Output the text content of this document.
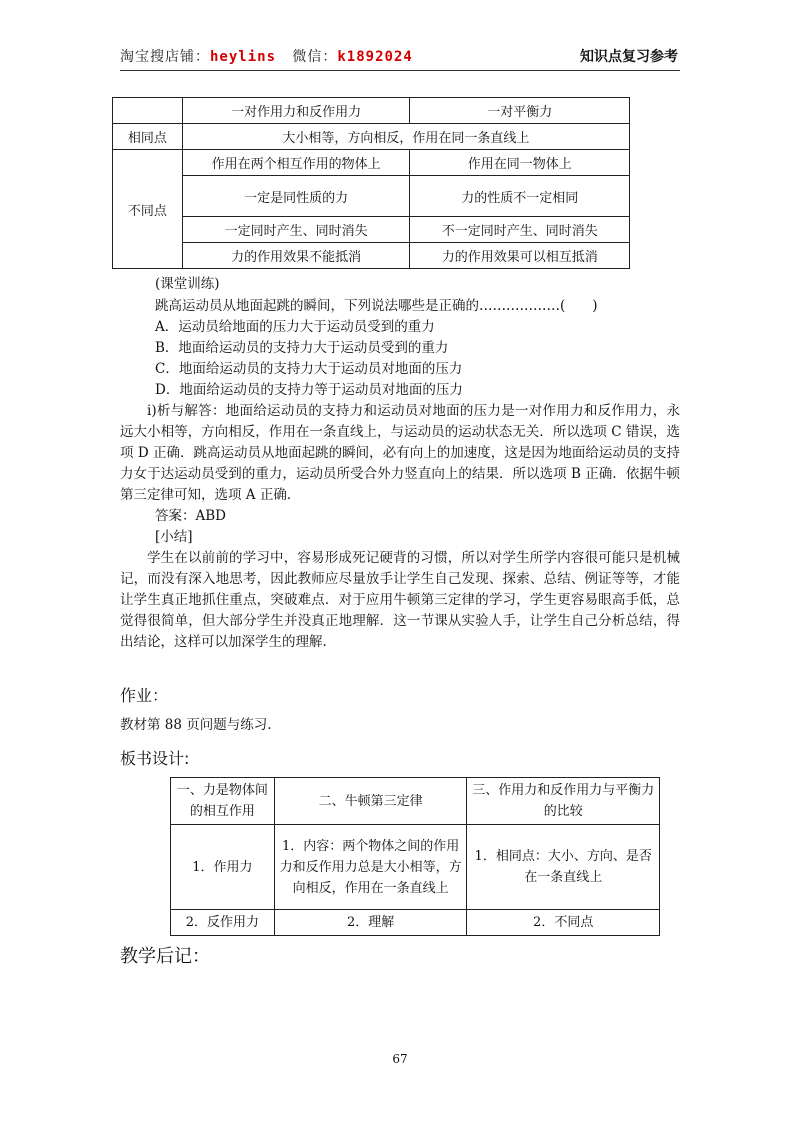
淘宝搜店铺：heylins 微信：k1892024	知识点复习参考
	一对作用力和反作用力	一对平衡力
相同点	大小相等，方向相反，作用在同一条直线上	
不同点	作用在两个相互作用的物体上	作用在同一物体上
	一定是同性质的力	力的性质不一定相同
	一定同时产生、同时消失	不一定同时产生、同时消失
	力的作用效果不能抵消	力的作用效果可以相互抵消
(课堂训练)
跳高运动员从地面起跳的瞬间，下列说法哪些是正确的………………(　　)
A．运动员给地面的压力大于运动员受到的重力
B．地面给运动员的支持力大于运动员受到的重力
C．地面给运动员的支持力大于运动员对地面的压力
D．地面给运动员的支持力等于运动员对地面的压力
i)析与解答：地面给运动员的支持力和运动员对地面的压力是一对作用力和反作用力，永远大小相等，方向相反，作用在一条直线上，与运动员的运动状态无关．所以选项 C 错误，选项 D 正确．跳高运动员从地面起跳的瞬间，必有向上的加速度，这是因为地面给运动员的支持力女于达运动员受到的重力，运动员所受合外力竖直向上的结果．所以选项 B 正确．依据牛顿第三定律可知，选项 A 正确．
答案：ABD
[小结]
学生在以前前的学习中，容易形成死记硬背的习惯，所以对学生所学内容很可能只是机械记，而没有深入地思考，因此教师应尽量放手让学生自己发现、探索、总结、例证等等，才能让学生真正地抓住重点，突破难点．对于应用牛顿第三定律的学习，学生更容易眼高手低，总觉得很简单，但大部分学生并没真正地理解．这一节课从实验人手，让学生自己分析总结，得出结论，这样可以加深学生的理解.
作业：
教材第 88 页问题与练习.
板书设计:
一、力是物体间的相互作用	二、牛顿第三定律	三、作用力和反作用力与平衡力的比较
1．作用力	1．内容：两个物体之间的作用力和反作用力总是大小相等，方向相反，作用在一条直线上	1．相同点：大小、方向、是否在一条直线上
2．反作用力	2．理解	2．不同点
教学后记：
67
